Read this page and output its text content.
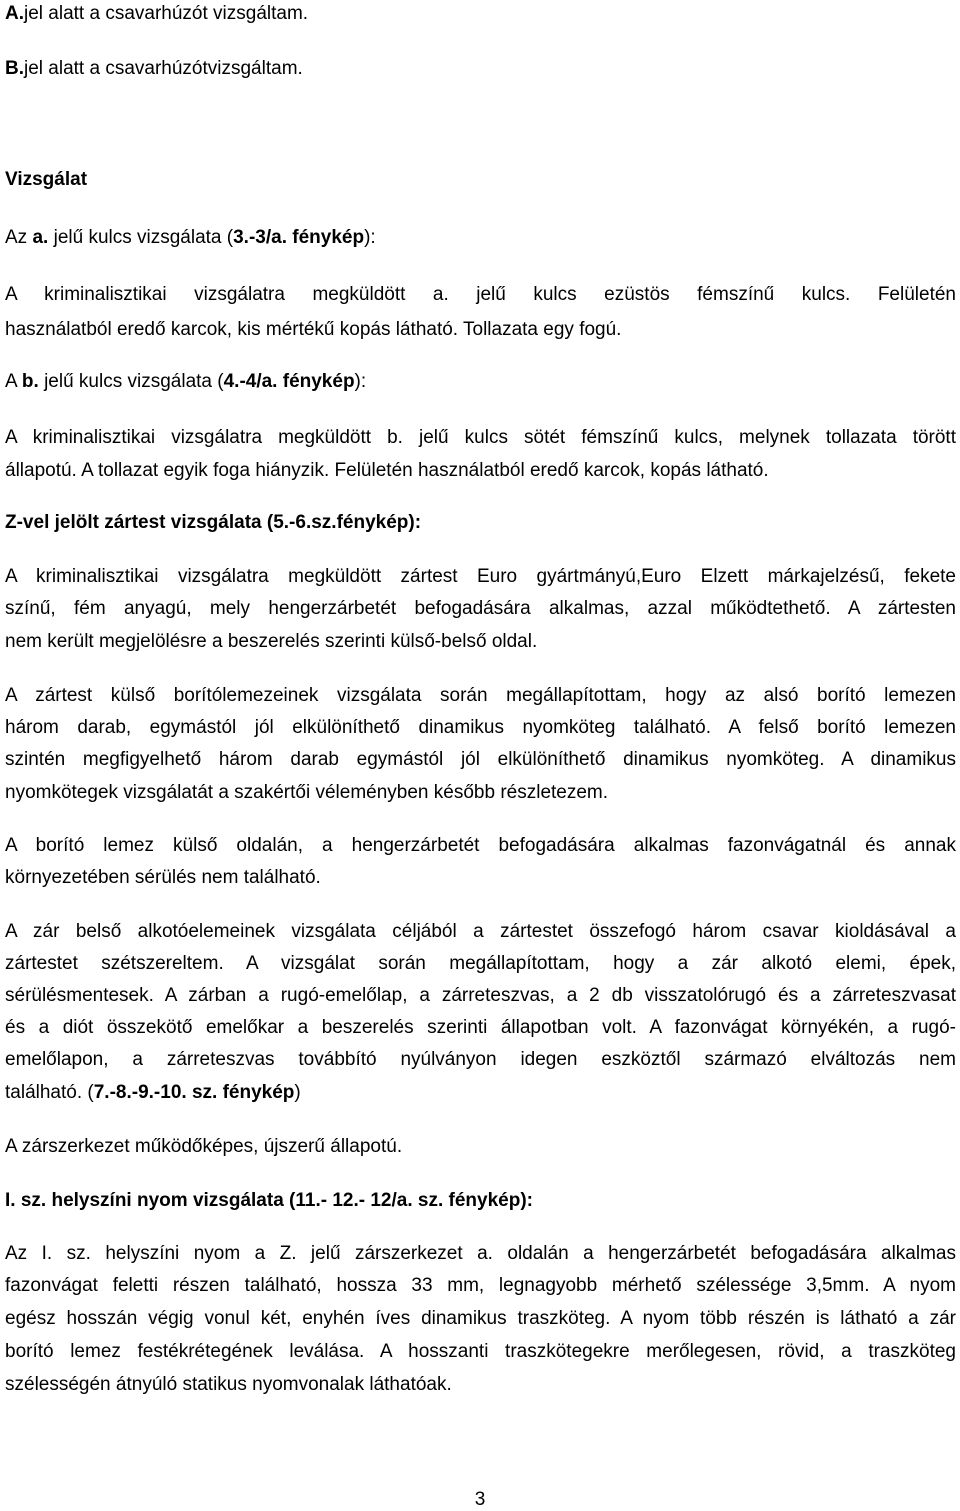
A.jel alatt a csavarhúzót vizsgáltam.
B.jel alatt a csavarhúzótvizsgáltam.
Vizsgálat
Az a. jelű kulcs vizsgálata (3.-3/a. fénykép):
A kriminalisztikai vizsgálatra megküldött a. jelű kulcs ezüstös fémszínű kulcs. Felületén
használatból eredő karcok, kis mértékű kopás látható. Tollazata egy fogú.
A b. jelű kulcs vizsgálata (4.-4/a. fénykép):
A kriminalisztikai vizsgálatra megküldött b. jelű kulcs sötét fémszínű kulcs, melynek tollazata törött
állapotú. A tollazat egyik foga hiányzik. Felületén használatból eredő karcok, kopás látható.
Z-vel jelölt zártest vizsgálata (5.-6.sz.fénykép):
A kriminalisztikai vizsgálatra megküldött zártest Euro gyártmányú,Euro Elzett márkajelzésű, fekete
színű, fém anyagú, mely hengerzárbetét befogadására alkalmas, azzal működtethető. A zártesten
nem került megjelölésre a beszerelés szerinti külső-belső oldal.
A zártest külső borítólemezeinek vizsgálata során megállapítottam, hogy az alsó borító lemezen
három darab, egymástól jól elkülöníthető dinamikus nyomköteg található. A felső borító lemezen
szintén megfigyelhető három darab egymástól jól elkülöníthető dinamikus nyomköteg. A dinamikus
nyomkötegek vizsgálatát a szakértői véleményben később részletezem.
A borító lemez külső oldalán, a hengerzárbetét befogadására alkalmas fazonvágatnál és annak
környezetében sérülés nem található.
A zár belső alkotóelemeinek vizsgálata céljából a zártestet összefogó három csavar kioldásával a
zártestet szétszereltem. A vizsgálat során megállapítottam, hogy a zár alkotó elemi, épek,
sérülésmentesek. A zárban a rugó-emelőlap, a zárreteszvas, a 2 db visszatolórugó és a zárreteszvasat
és a diót összekötő emelőkar a beszerelés szerinti állapotban volt. A fazonvágat környékén, a rugó-
emelőlapon, a zárreteszvas továbbító nyúlványon idegen eszköztől származó elváltozás nem
található. (7.-8.-9.-10. sz. fénykép)
A zárszerkezet működőképes, újszerű állapotú.
I. sz. helyszíni nyom vizsgálata (11.- 12.- 12/a. sz. fénykép):
Az I. sz. helyszíni nyom a Z. jelű zárszerkezet a. oldalán a hengerzárbetét befogadására alkalmas
fazonvágat feletti részen található, hossza 33 mm, legnagyobb mérhető szélessége 3,5mm. A nyom
egész hosszán végig vonul két, enyhén íves dinamikus traszköteg. A nyom több részén is látható a zár
borító lemez festékrétegének leválása. A hosszanti traszkötegekre merőlegesen, rövid, a traszköteg
szélességén átnyúló statikus nyomvonalak láthatóak.
3
